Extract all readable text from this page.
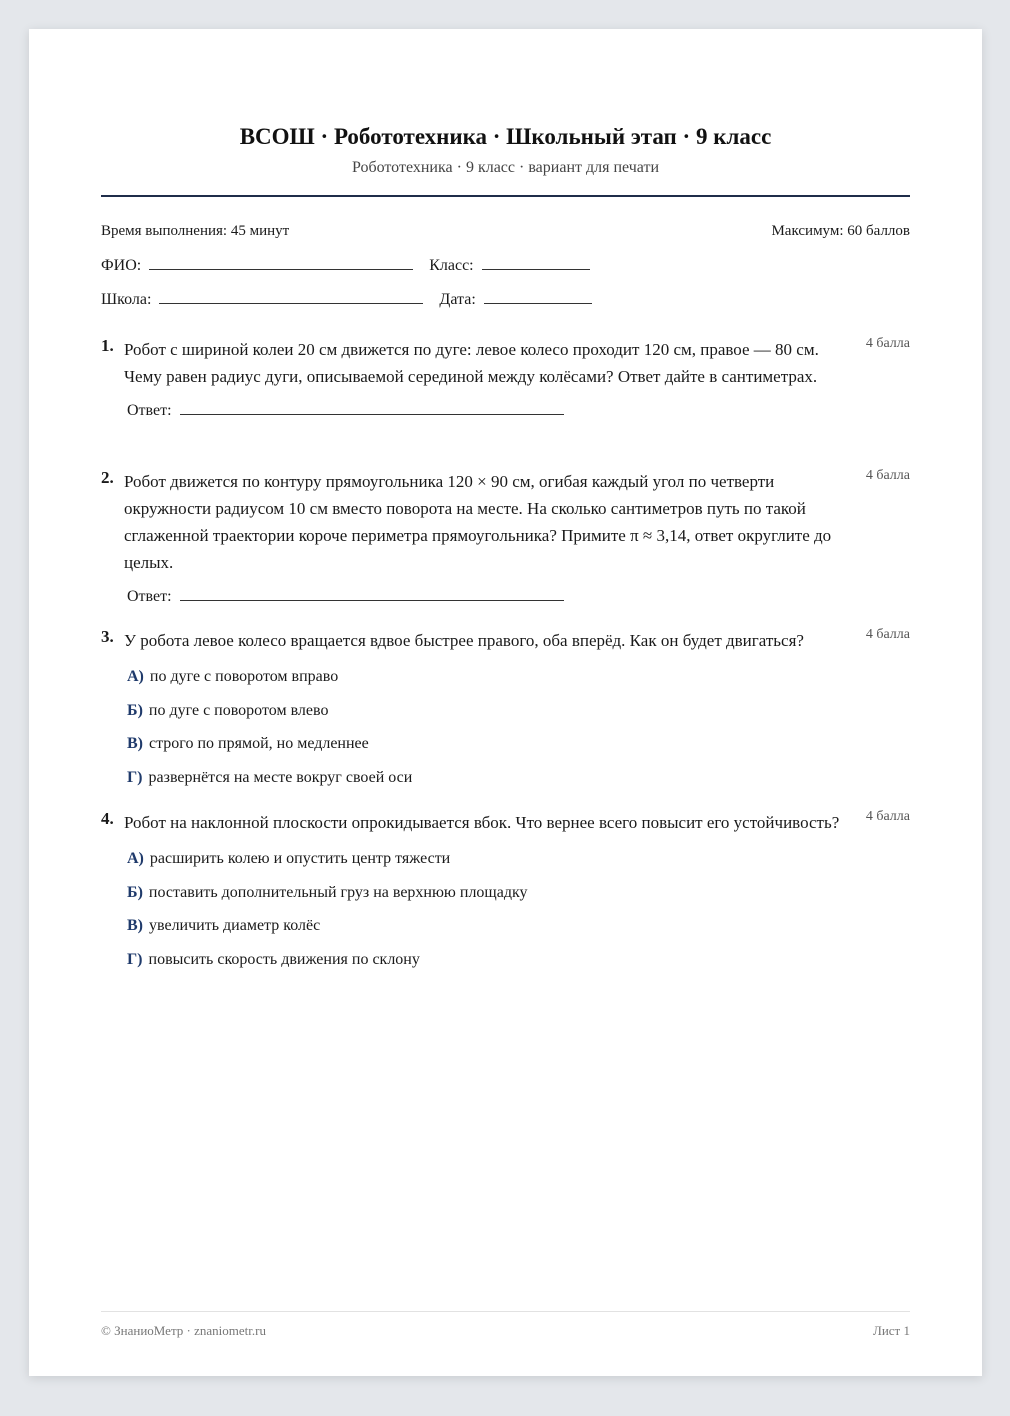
ВСОШ · Робототехника · Школьный этап · 9 класс
Робототехника · 9 класс · вариант для печати
Время выполнения: 45 минут	Максимум: 60 баллов
ФИО:	Класс:
Школа:	Дата:
1. Робот с шириной колеи 20 см движется по дуге: левое колесо проходит 120 см, правое — 80 см. Чему равен радиус дуги, описываемой серединой между колёсами? Ответ дайте в сантиметрах.
4 балла
Ответ:
2. Робот движется по контуру прямоугольника 120 × 90 см, огибая каждый угол по четверти окружности радиусом 10 см вместо поворота на месте. На сколько сантиметров путь по такой сглаженной траектории короче периметра прямоугольника? Примите π ≈ 3,14, ответ округлите до целых.
4 балла
Ответ:
3. У робота левое колесо вращается вдвое быстрее правого, оба вперёд. Как он будет двигаться?	4 балла
А) по дуге с поворотом вправо
Б) по дуге с поворотом влево
В) строго по прямой, но медленнее
Г) развернётся на месте вокруг своей оси
4. Робот на наклонной плоскости опрокидывается вбок. Что вернее всего повысит его устойчивость?	4 балла
А) расширить колею и опустить центр тяжести
Б) поставить дополнительный груз на верхнюю площадку
В) увеличить диаметр колёс
Г) повысить скорость движения по склону
© ЗнаниоМетр · znaniometr.ru	Лист 1
